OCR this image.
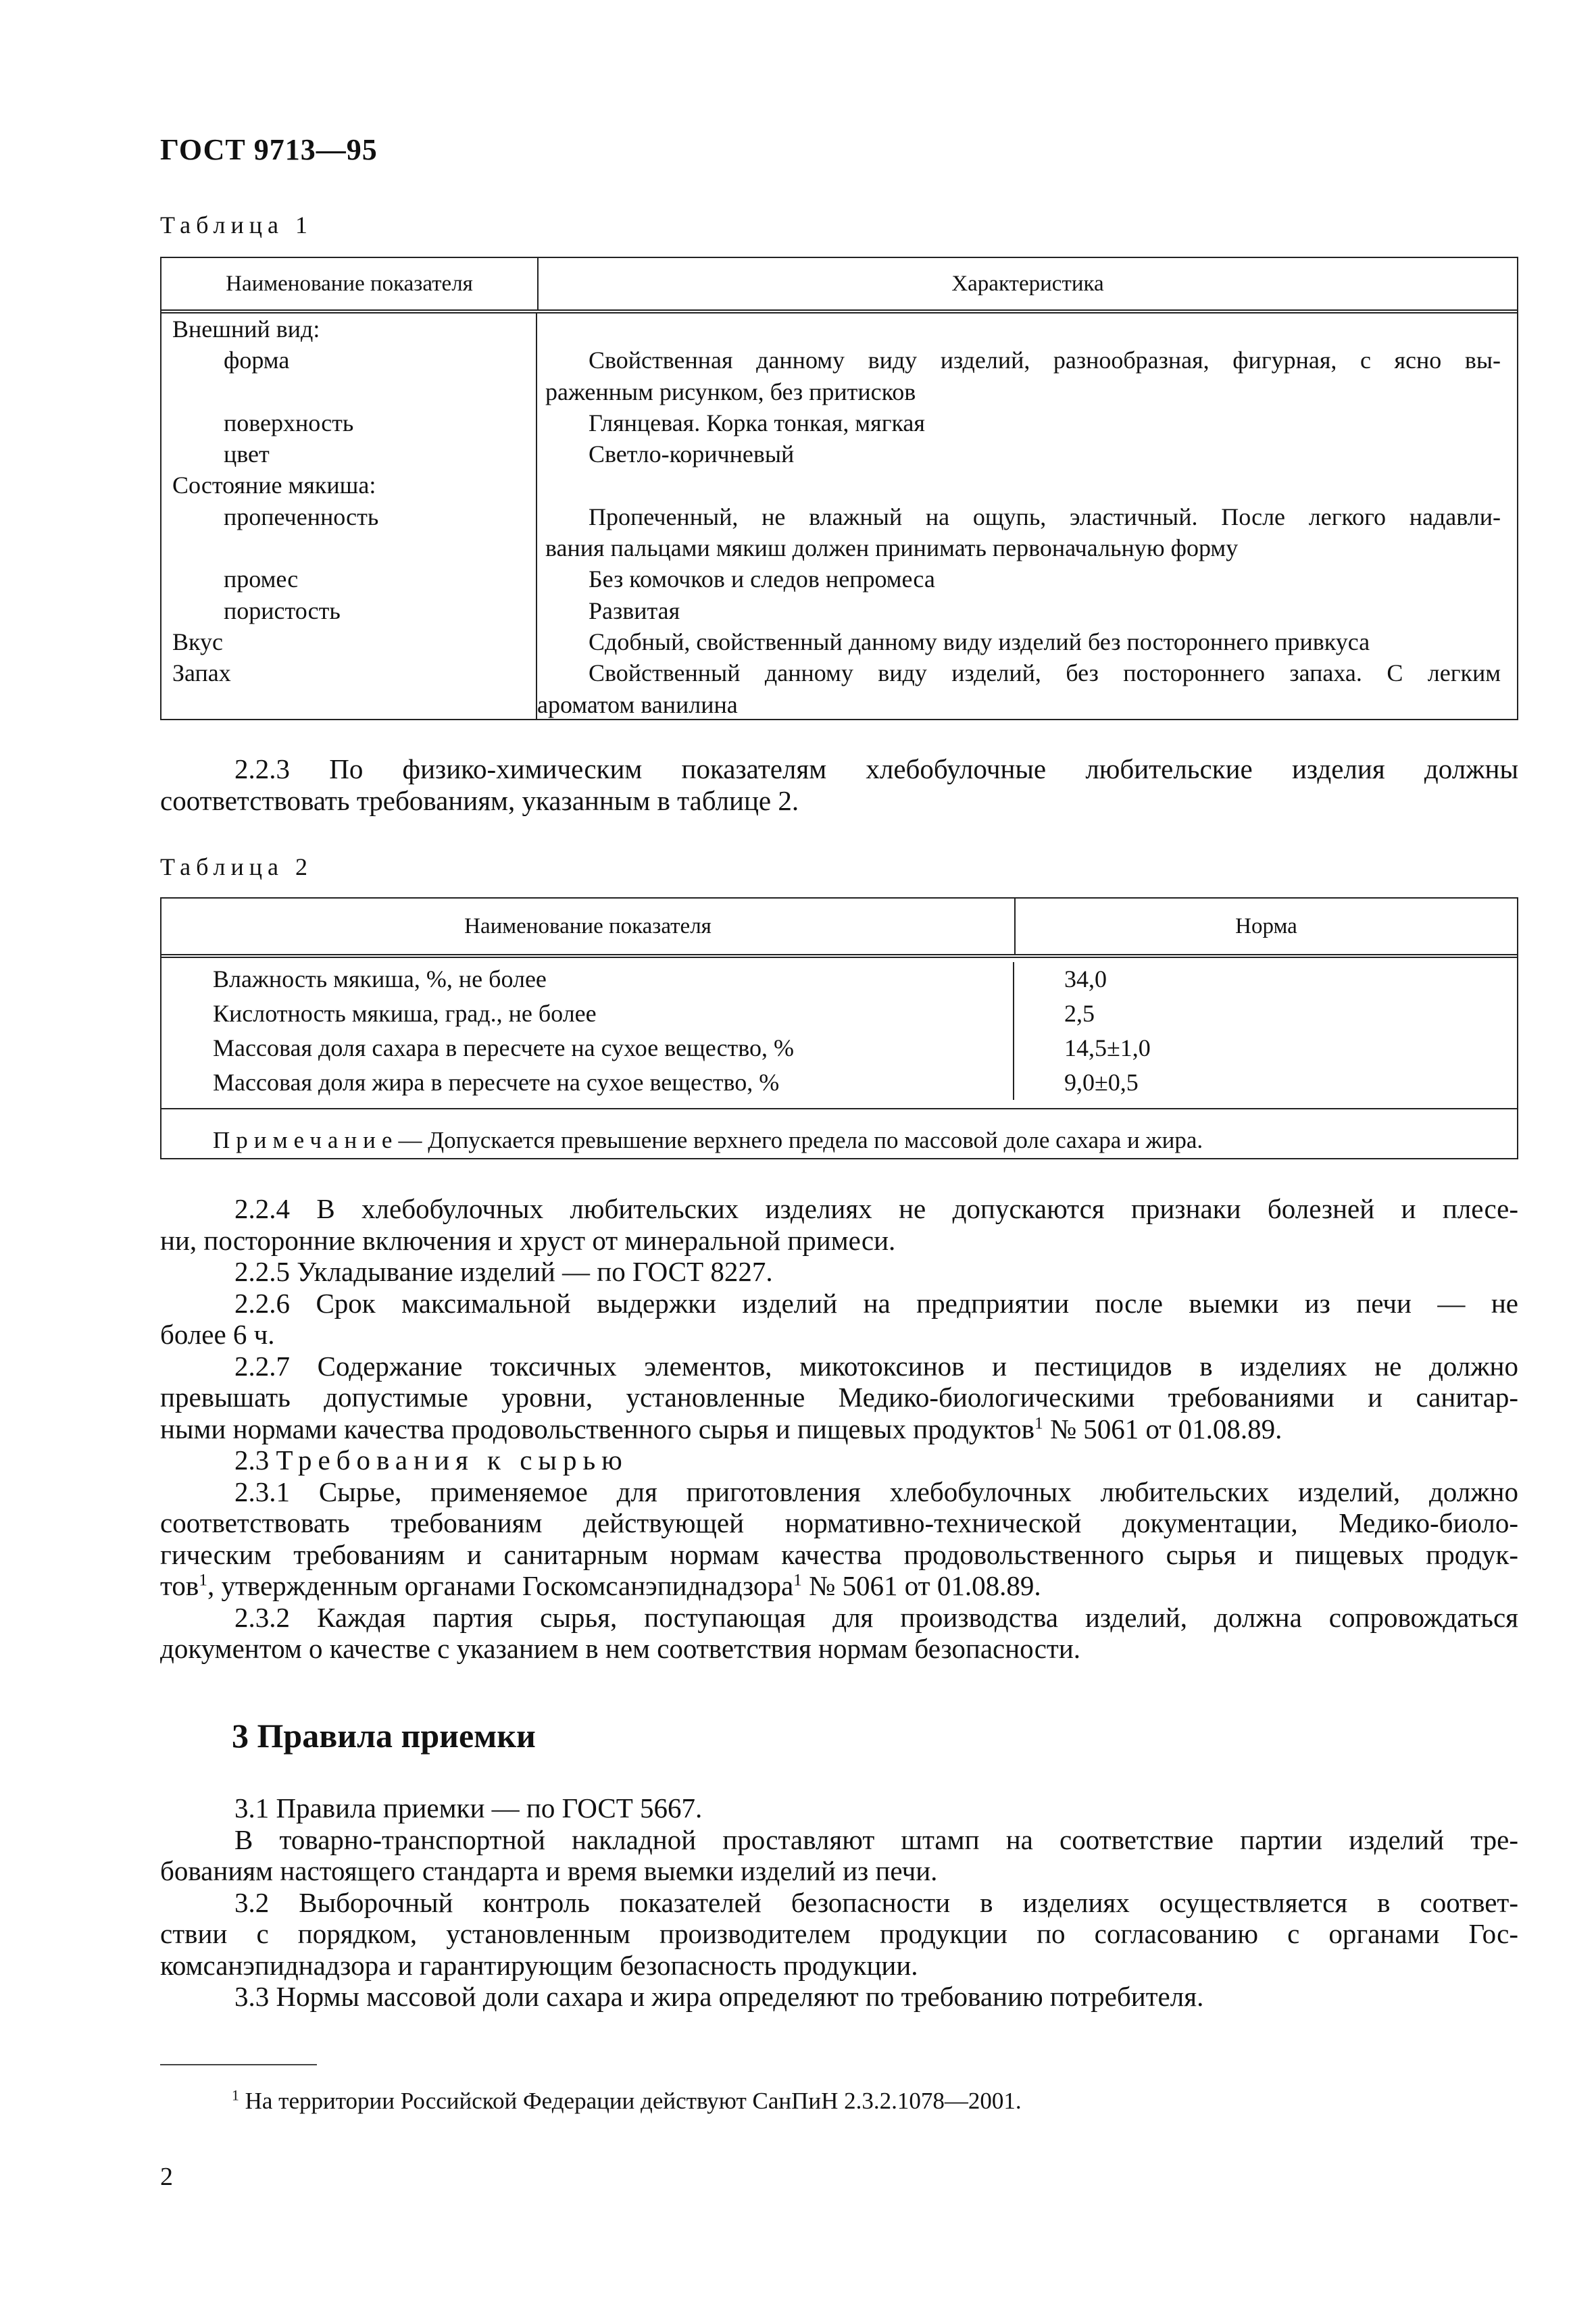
ГОСТ 9713—95
Таблица 1
Наименование показателя	Характеристика
Внешний вид:
форма
поверхность
цвет
Состояние мякиша:
пропеченность
промес
пористость
Вкус
Запах
Свойственная данному виду изделий, разнообразная, фигурная, с ясно вы-
раженным рисунком, без притисков
Глянцевая. Корка тонкая, мягкая
Светло-коричневый
Пропеченный, не влажный на ощупь, эластичный. После легкого надавли-
вания пальцами мякиш должен принимать первоначальную форму
Без комочков и следов непромеса
Развитая
Сдобный, свойственный данному виду изделий без постороннего привкуса
Свойственный данному виду изделий, без постороннего запаха. С легким
ароматом ванилина

2.2.3 По физико-химическим показателям хлебобулочные любительские изделия должны

соответствовать требованиям, указанным в таблице 2.

Таблица 2
Наименование показателя	Норма
Влажность мякиша, %, не более
Кислотность мякиша, град., не более
Массовая доля сахара в пересчете на сухое вещество, %
Массовая доля жира в пересчете на сухое вещество, %
34,0
2,5
14,5±1,0
9,0±0,5
Примечание — Допускается превышение верхнего предела по массовой доле сахара и жира.

2.2.4 В хлебобулочных любительских изделиях не допускаются признаки болезней и плесе-

ни, посторонние включения и хруст от минеральной примеси.

2.2.5 Укладывание изделий — по ГОСТ 8227.

2.2.6 Срок максимальной выдержки изделий на предприятии после выемки из печи — не

более 6 ч.

2.2.7 Содержание токсичных элементов, микотоксинов и пестицидов в изделиях не должно

превышать допустимые уровни, установленные Медико-биологическими требованиями и санитар-

ными нормами качества продовольственного сырья и пищевых продуктов$^1$ № 5061 от 01.08.89.

2.3 Требования к сырью

2.3.1 Сырье, применяемое для приготовления хлебобулочных любительских изделий, должно

соответствовать требованиям действующей нормативно-технической документации, Медико-биоло-

гическим требованиям и санитарным нормам качества продовольственного сырья и пищевых продук-

тов$^1$, утвержденным органами Госкомсанэпиднадзора$^1$ № 5061 от 01.08.89.

2.3.2 Каждая партия сырья, поступающая для производства изделий, должна сопровождаться

документом о качестве с указанием в нем соответствия нормам безопасности.

3 Правила приемки

3.1 Правила приемки — по ГОСТ 5667.

В товарно-транспортной накладной проставляют штамп на соответствие партии изделий тре-

бованиям настоящего стандарта и время выемки изделий из печи.

3.2 Выборочный контроль показателей безопасности в изделиях осуществляется в соответ-

ствии с порядком, установленным производителем продукции по согласованию с органами Гос-

комсанэпиднадзора и гарантирующим безопасность продукции.

3.3 Нормы массовой доли сахара и жира определяют по требованию потребителя.

$^1$ На территории Российской Федерации действуют СанПиН 2.3.2.1078—2001.
2
